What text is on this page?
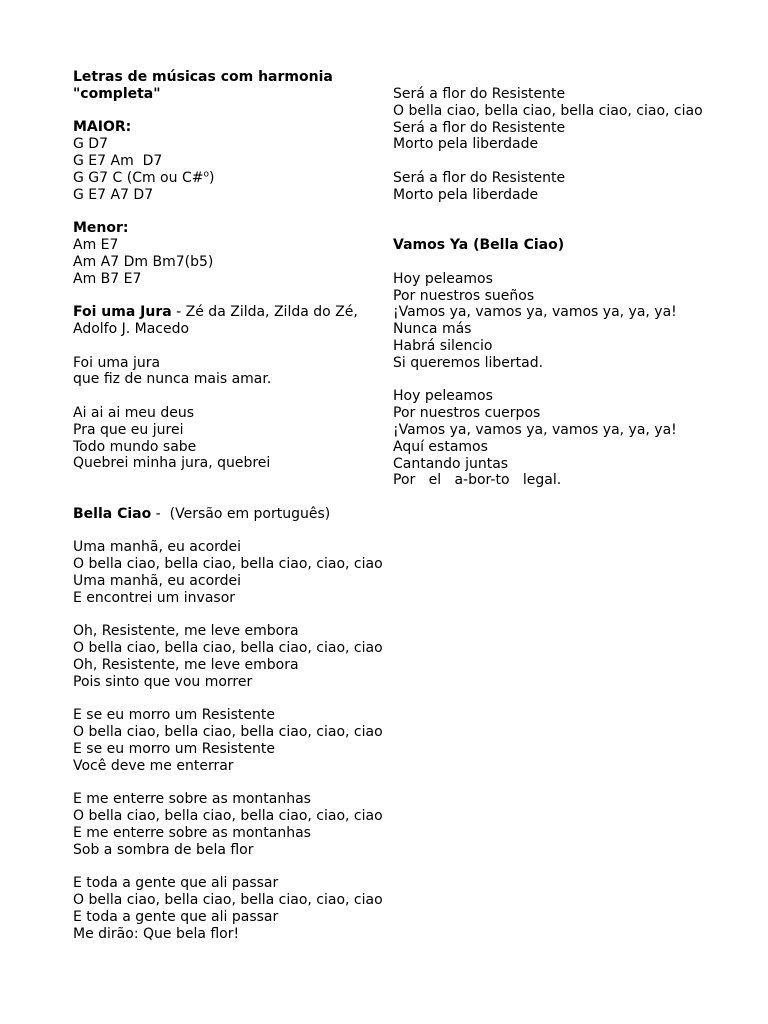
Letras de músicas com harmonia
"completa"
MAIOR:
G D7
G E7 Am  D7
G G7 C (Cm ou C#$^o$)
G E7 A7 D7
Menor:
Am E7
Am A7 Dm Bm7(b5)
Am B7 E7
Foi uma Jura - Zé da Zilda, Zilda do Zé,
Adolfo J. Macedo
Foi uma jura
que fiz de nunca mais amar.
Ai ai ai meu deus
Pra que eu jurei
Todo mundo sabe
Quebrei minha jura, quebrei
Bella Ciao -  (Versão em português)
Uma manhã, eu acordei
O bella ciao, bella ciao, bella ciao, ciao, ciao
Uma manhã, eu acordei
E encontrei um invasor
Oh, Resistente, me leve embora
O bella ciao, bella ciao, bella ciao, ciao, ciao
Oh, Resistente, me leve embora
Pois sinto que vou morrer
E se eu morro um Resistente
O bella ciao, bella ciao, bella ciao, ciao, ciao
E se eu morro um Resistente
Você deve me enterrar
E me enterre sobre as montanhas
O bella ciao, bella ciao, bella ciao, ciao, ciao
E me enterre sobre as montanhas
Sob a sombra de bela flor
E toda a gente que ali passar
O bella ciao, bella ciao, bella ciao, ciao, ciao
E toda a gente que ali passar
Me dirão: Que bela flor!
Será a flor do Resistente
O bella ciao, bella ciao, bella ciao, ciao, ciao
Será a flor do Resistente
Morto pela liberdade
Será a flor do Resistente
Morto pela liberdade
Vamos Ya (Bella Ciao)
Hoy peleamos
Por nuestros sueños
¡Vamos ya, vamos ya, vamos ya, ya, ya!
Nunca más
Habrá silencio
Si queremos libertad.
Hoy peleamos
Por nuestros cuerpos
¡Vamos ya, vamos ya, vamos ya, ya, ya!
Aquí estamos
Cantando juntas
Por   el   a-bor-to   legal.
